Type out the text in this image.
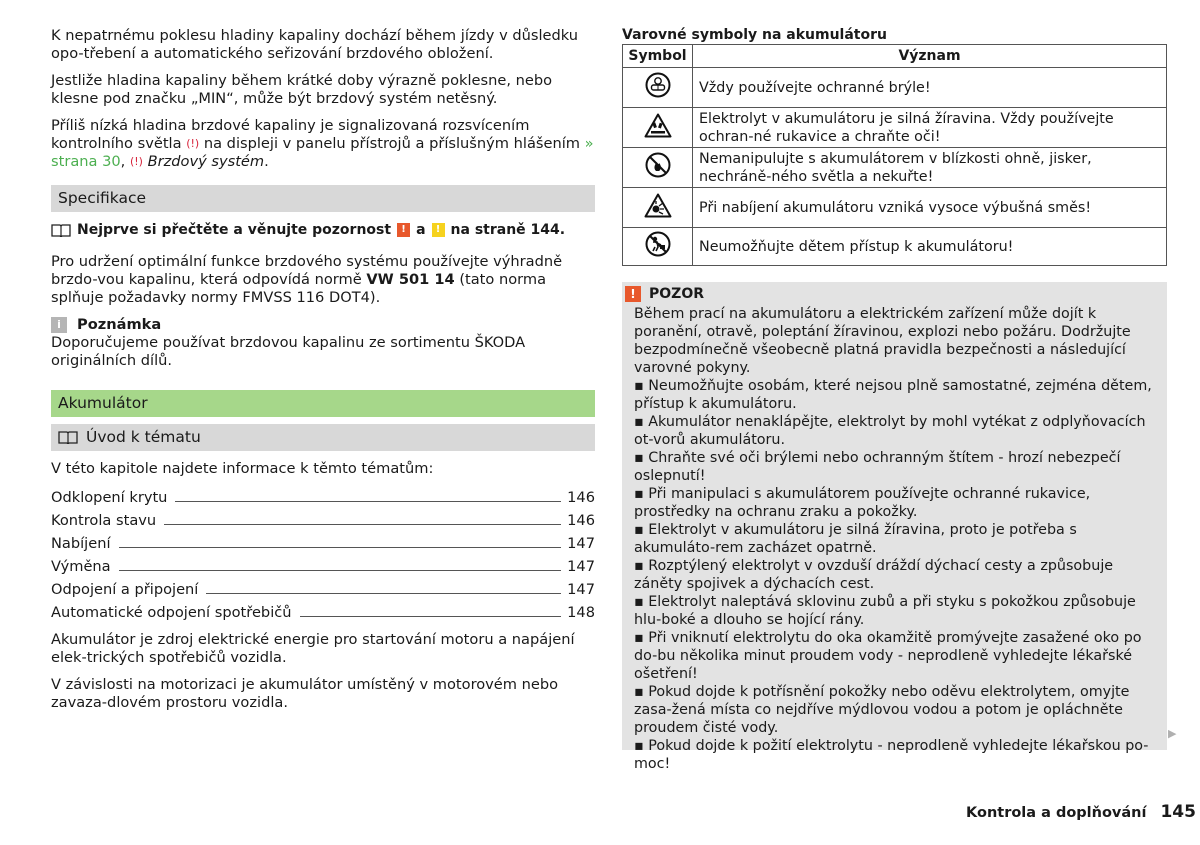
K nepatrnému poklesu hladiny kapaliny dochází během jízdy v důsledku opo-třebení a automatického seřizování brzdového obložení.

Jestliže hladina kapaliny během krátké doby výrazně poklesne, nebo klesne pod značku „MIN“, může být brzdový systém netěsný.

Příliš nízká hladina brzdové kapaliny je signalizovaná rozsvícením kontrolního světla (!) na displeji v panelu přístrojů a příslušným hlášením » strana 30, (!) Brzdový systém.

Specifikace
Nejprve si přečtěte a věnujte pozornost	! a	! na straně 144.

Pro udržení optimální funkce brzdového systému používejte výhradně brzdo-vou kapalinu, která odpovídá normě VW 501 14 (tato norma splňuje požadavky normy FMVSS 116 DOT4).

i	Poznámka

Doporučujeme používat brzdovou kapalinu ze sortimentu ŠKODA originálních dílů.

Akumulátor
Úvod k tématu

V této kapitole najdete informace k těmto tématům:

Odklopení krytu	146
Kontrola stavu	146
Nabíjení	147
Výměna	147
Odpojení a připojení	147
Automatické odpojení spotřebičů	148

Akumulátor je zdroj elektrické energie pro startování motoru a napájení elek-trických spotřebičů vozidla.

V závislosti na motorizaci je akumulátor umístěný v motorovém nebo zavaza-dlovém prostoru vozidla.

Varovné symboly na akumulátoru

Symbol	Význam
	Vždy používejte ochranné brýle!
	Elektrolyt v akumulátoru je silná žíravina. Vždy používejte ochran-né rukavice a chraňte oči!
	Nemanipulujte s akumulátorem v blízkosti ohně, jisker, nechráně-ného světla a nekuřte!
	Při nabíjení akumulátoru vzniká vysoce výbušná směs!
	Neumožňujte dětem přístup k akumulátoru!
! POZOR

Během prací na akumulátoru a elektrickém zařízení může dojít k poranění, otravě, poleptání žíravinou, explozi nebo požáru. Dodržujte bezpodmínečně všeobecně platná pravidla bezpečnosti a následující varovné pokyny.

▪ Neumožňujte osobám, které nejsou plně samostatné, zejména dětem, přístup k akumulátoru.

▪ Akumulátor nenaklápějte, elektrolyt by mohl vytékat z odplyňovacích ot-vorů akumulátoru.

▪ Chraňte své oči brýlemi nebo ochranným štítem - hrozí nebezpečí oslepnutí!

▪ Při manipulaci s akumulátorem používejte ochranné rukavice, prostředky na ochranu zraku a pokožky.

▪ Elektrolyt v akumulátoru je silná žíravina, proto je potřeba s akumuláto-rem zacházet opatrně.

▪ Rozptýlený elektrolyt v ovzduší dráždí dýchací cesty a způsobuje záněty spojivek a dýchacích cest.

▪ Elektrolyt naleptává sklovinu zubů a při styku s pokožkou způsobuje hlu-boké a dlouho se hojící rány.

▪ Při vniknutí elektrolytu do oka okamžitě promývejte zasažené oko po do-bu několika minut proudem vody - neprodleně vyhledejte lékařské ošetření!

▪ Pokud dojde k potřísnění pokožky nebo oděvu elektrolytem, omyjte zasa-žená místa co nejdříve mýdlovou vodou a potom je opláchněte proudem čisté vody.

▪ Pokud dojde k požití elektrolytu - neprodleně vyhledejte lékařskou po-moc!

▶
Kontrola a doplňování 145
